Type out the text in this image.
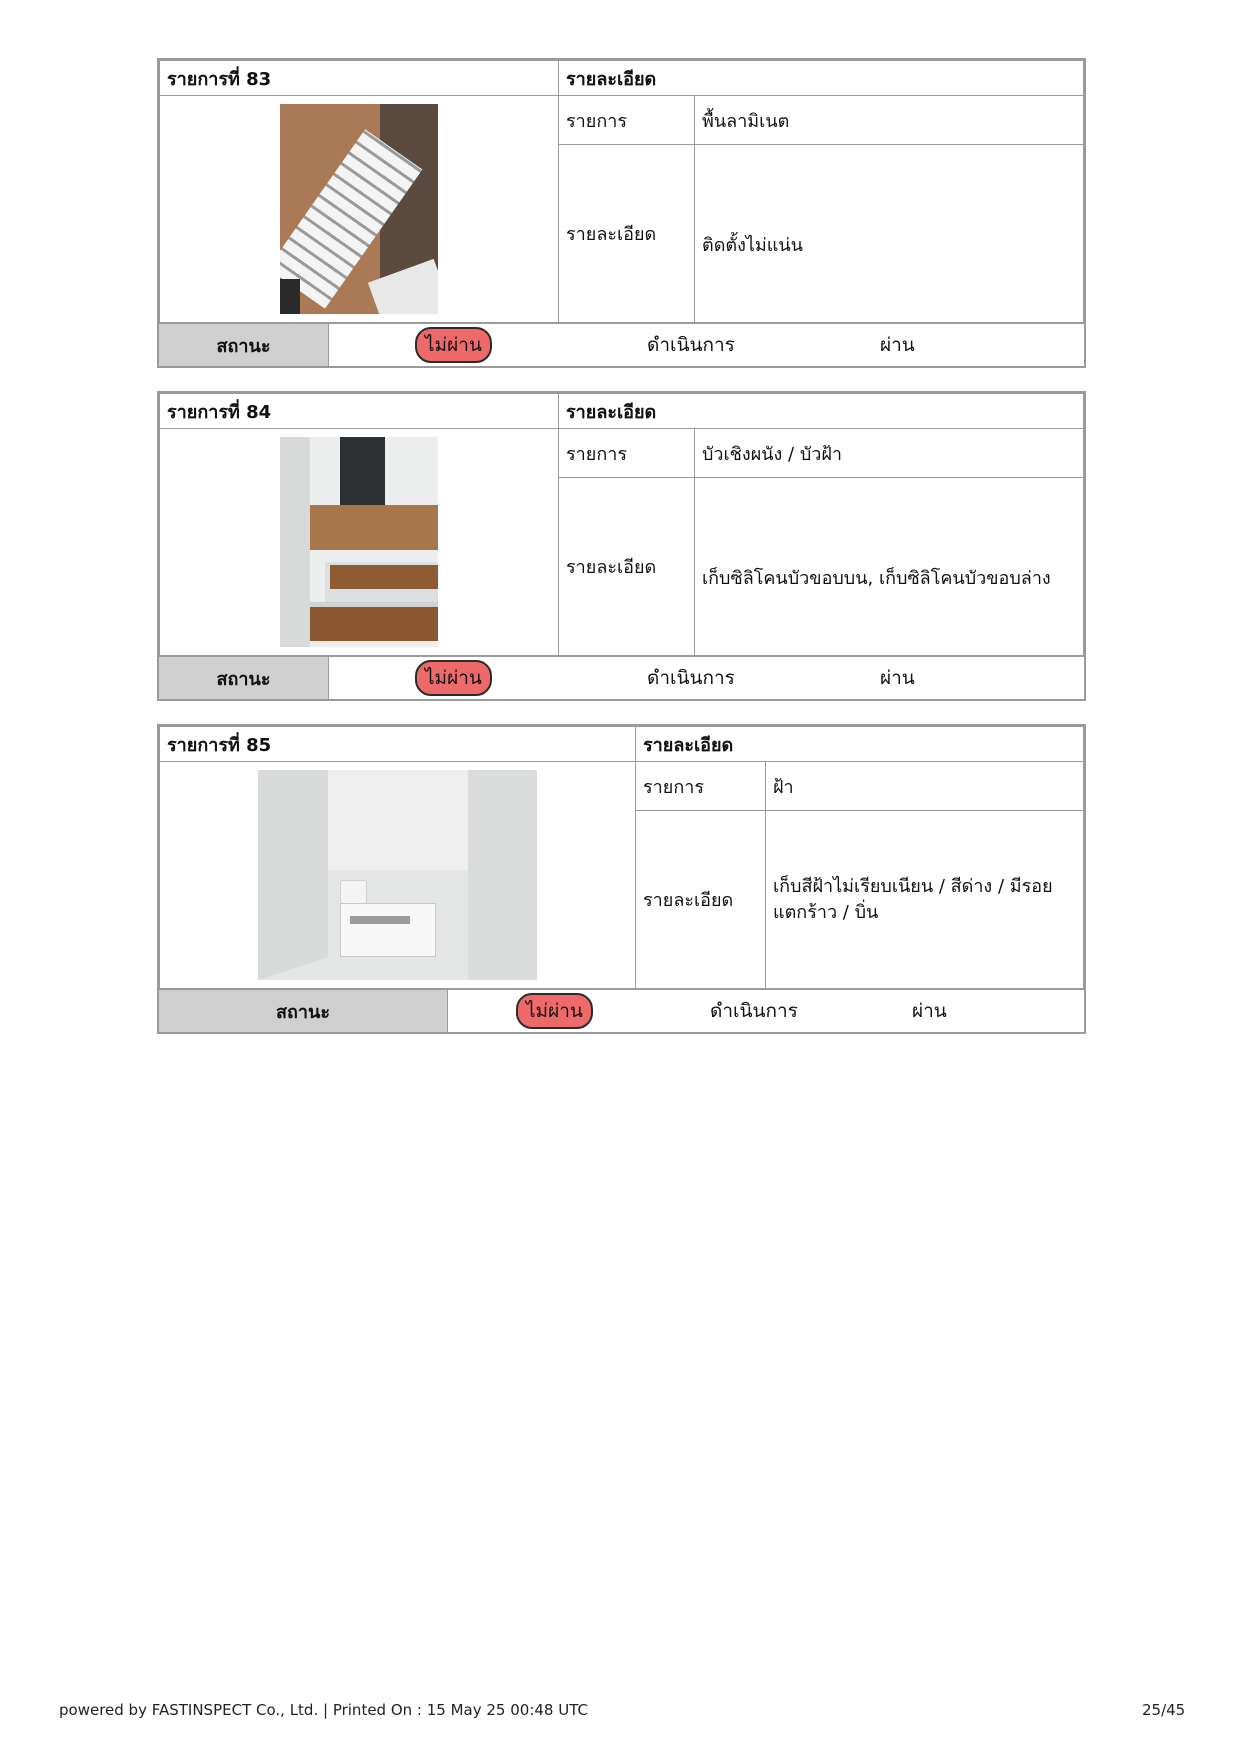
รายการที่ 83	รายละเอียด	

	รายการ	พื้นลามิเนต
	รายละเอียด	ติดตั้งไม่แน่น
สถานะ	ไม่ผ่าน	ดำเนินการ	ผ่าน
รายการที่ 84	รายละเอียด	

	รายการ	บัวเชิงผนัง / บัวฝ้า
	รายละเอียด	เก็บซิลิโคนบัวขอบบน, เก็บซิลิโคนบัวขอบล่าง
สถานะ	ไม่ผ่าน	ดำเนินการ	ผ่าน
รายการที่ 85	รายละเอียด	

	รายการ	ฝ้า
	รายละเอียด	เก็บสีฝ้าไม่เรียบเนียน / สีด่าง / มีรอยแตกร้าว / บิ่น
สถานะ	ไม่ผ่าน	ดำเนินการ	ผ่าน
powered by FASTINSPECT Co., Ltd. | Printed On : 15 May 25 00:48 UTC	25/45
